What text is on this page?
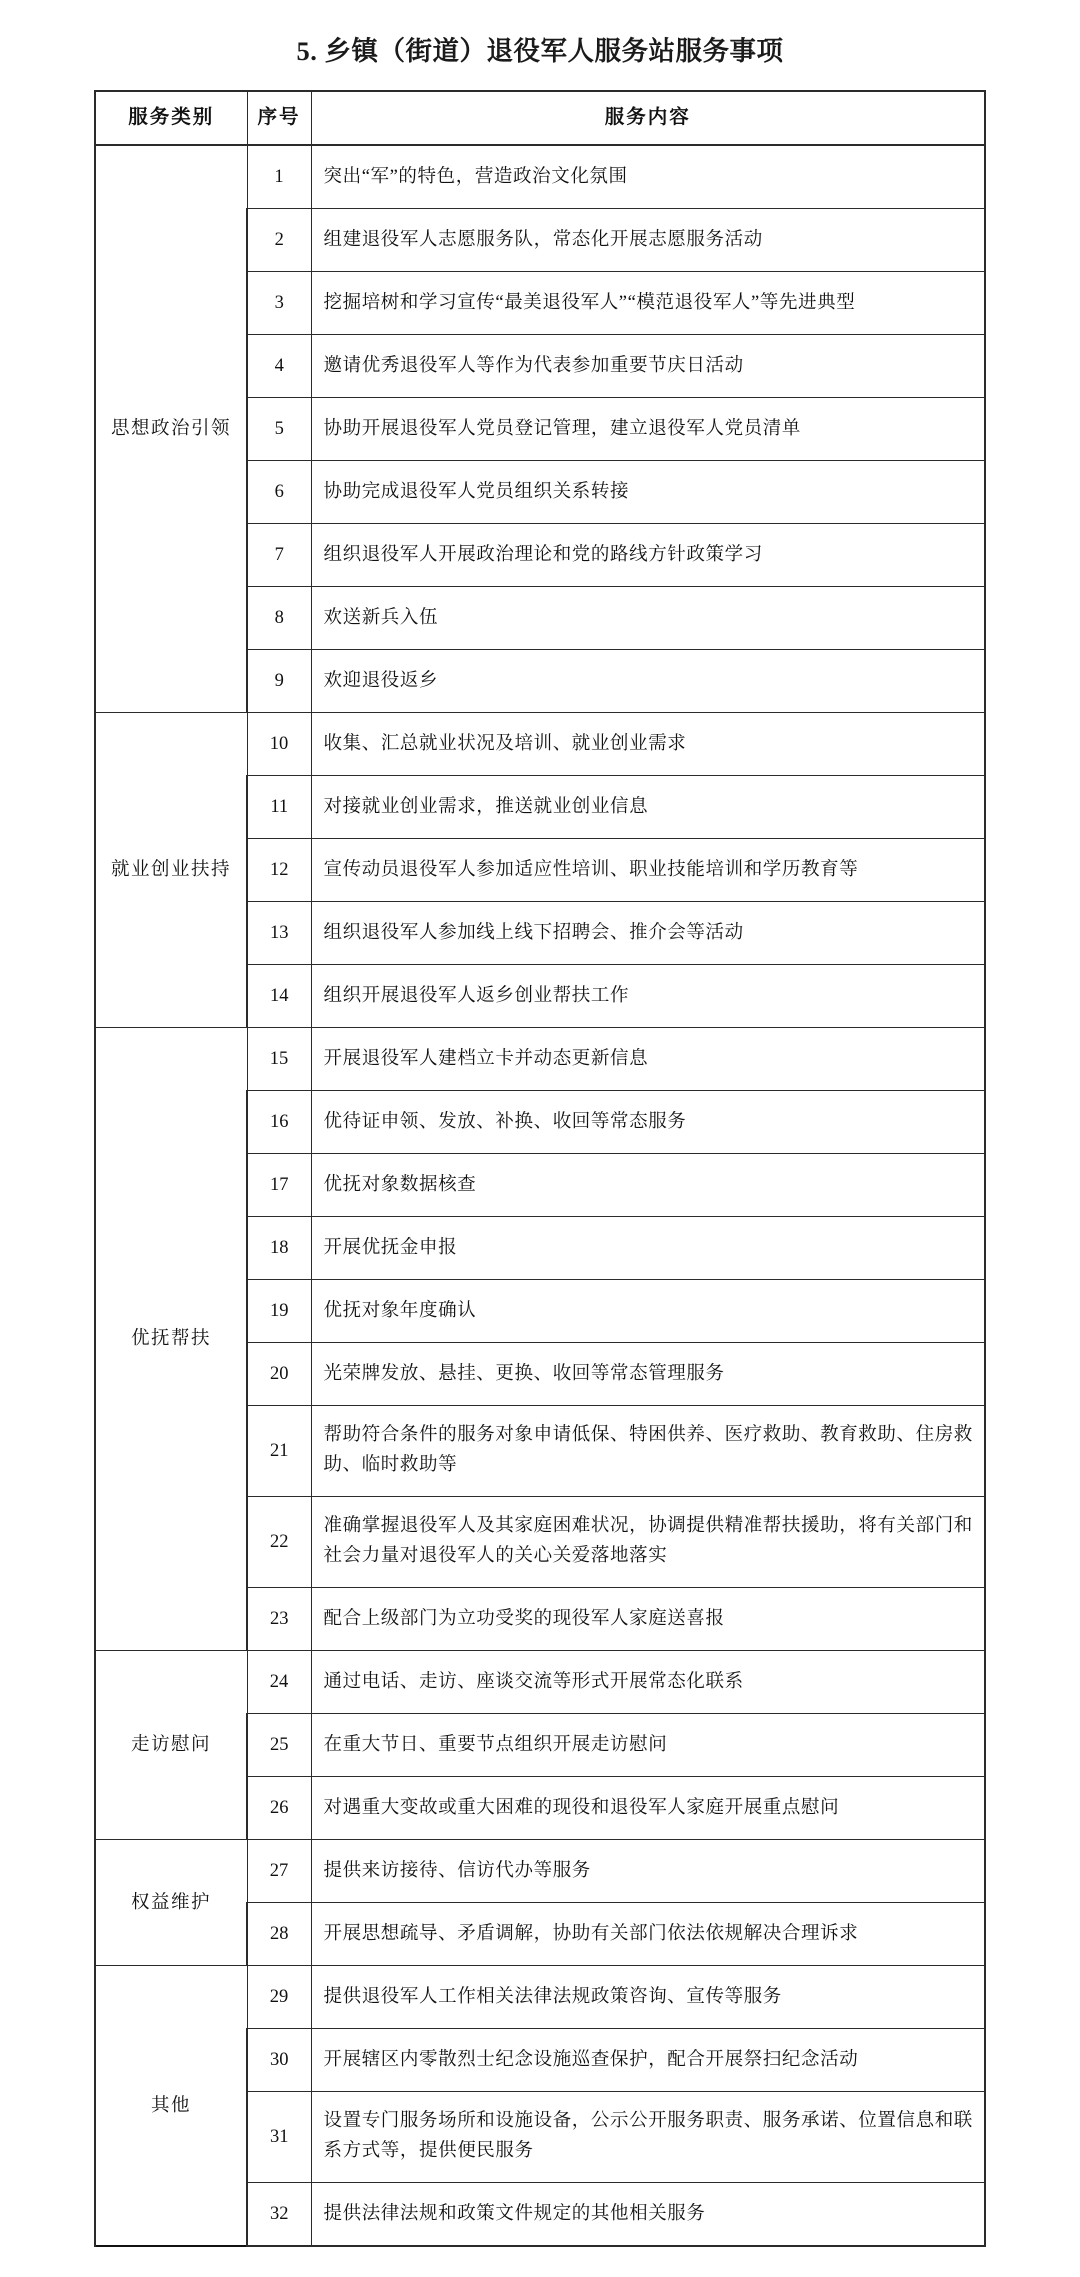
5. 乡镇（街道）退役军人服务站服务事项
服务类别	序号	服务内容
思想政治引领	1	突出“军”的特色，营造政治文化氛围
	2	组建退役军人志愿服务队，常态化开展志愿服务活动
	3	挖掘培树和学习宣传“最美退役军人”“模范退役军人”等先进典型
	4	邀请优秀退役军人等作为代表参加重要节庆日活动
	5	协助开展退役军人党员登记管理，建立退役军人党员清单
	6	协助完成退役军人党员组织关系转接
	7	组织退役军人开展政治理论和党的路线方针政策学习
	8	欢送新兵入伍
	9	欢迎退役返乡
就业创业扶持	10	收集、汇总就业状况及培训、就业创业需求
	11	对接就业创业需求，推送就业创业信息
	12	宣传动员退役军人参加适应性培训、职业技能培训和学历教育等
	13	组织退役军人参加线上线下招聘会、推介会等活动
	14	组织开展退役军人返乡创业帮扶工作
优抚帮扶	15	开展退役军人建档立卡并动态更新信息
	16	优待证申领、发放、补换、收回等常态服务
	17	优抚对象数据核查
	18	开展优抚金申报
	19	优抚对象年度确认
	20	光荣牌发放、悬挂、更换、收回等常态管理服务
	21	帮助符合条件的服务对象申请低保、特困供养、医疗救助、教育救助、住房救助、临时救助等
	22	准确掌握退役军人及其家庭困难状况，协调提供精准帮扶援助，将有关部门和社会力量对退役军人的关心关爱落地落实
	23	配合上级部门为立功受奖的现役军人家庭送喜报
走访慰问	24	通过电话、走访、座谈交流等形式开展常态化联系
	25	在重大节日、重要节点组织开展走访慰问
	26	对遇重大变故或重大困难的现役和退役军人家庭开展重点慰问
权益维护	27	提供来访接待、信访代办等服务
	28	开展思想疏导、矛盾调解，协助有关部门依法依规解决合理诉求
其他	29	提供退役军人工作相关法律法规政策咨询、宣传等服务
	30	开展辖区内零散烈士纪念设施巡查保护，配合开展祭扫纪念活动
	31	设置专门服务场所和设施设备，公示公开服务职责、服务承诺、位置信息和联系方式等，提供便民服务
	32	提供法律法规和政策文件规定的其他相关服务
